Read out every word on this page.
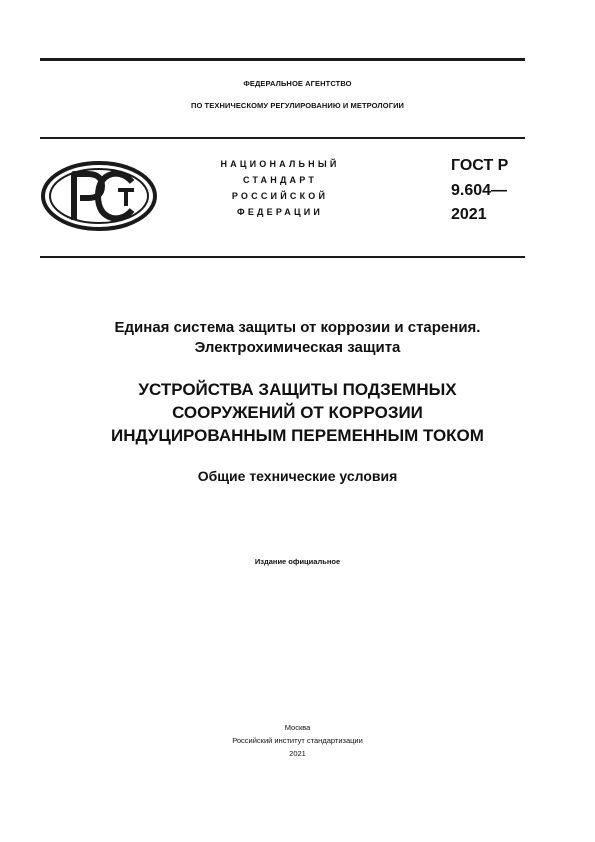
ФЕДЕРАЛЬНОЕ АГЕНТСТВО
ПО ТЕХНИЧЕСКОМУ РЕГУЛИРОВАНИЮ И МЕТРОЛОГИИ
НАЦИОНАЛЬНЫЙ
СТАНДАРТ
РОССИЙСКОЙ
ФЕДЕРАЦИИ
ГОСТ Р
9.604—
2021
Единая система защиты от коррозии и старения.
Электрохимическая защита
УСТРОЙСТВА ЗАЩИТЫ ПОДЗЕМНЫХ
СООРУЖЕНИЙ ОТ КОРРОЗИИ
ИНДУЦИРОВАННЫМ ПЕРЕМЕННЫМ ТОКОМ
Общие технические условия
Издание официальное
Москва
Российский институт стандартизации
2021
